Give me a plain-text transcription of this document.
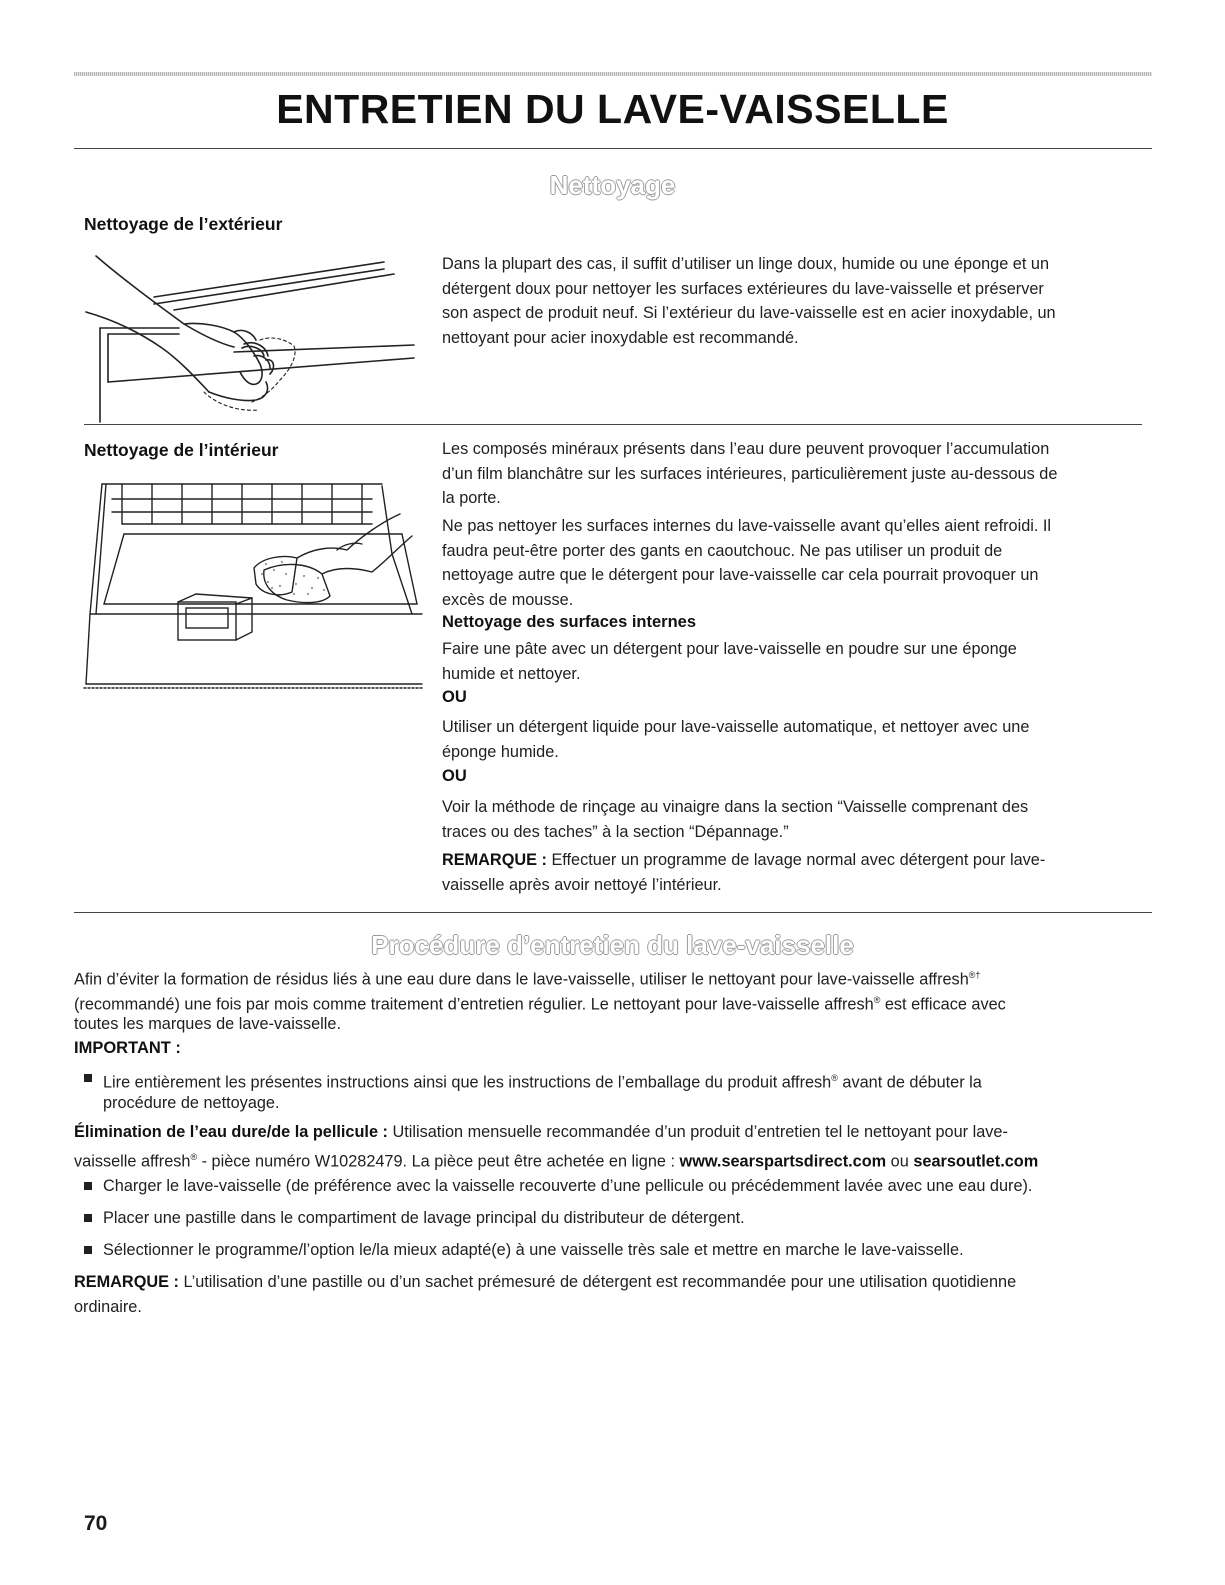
ENTRETIEN DU LAVE-VAISSELLE
Nettoyage
Nettoyage de l’extérieur

Dans la plupart des cas, il suffit d’utiliser un linge doux, humide ou une éponge et un

détergent doux pour nettoyer les surfaces extérieures du lave-vaisselle et préserver

son aspect de produit neuf. Si l’extérieur du lave-vaisselle est en acier inoxydable, un

nettoyant pour acier inoxydable est recommandé.

Nettoyage de l’intérieur	Les composés minéraux présents dans l’eau dure peuvent provoquer l’accumulation

d’un film blanchâtre sur les surfaces intérieures, particulièrement juste au-dessous de

la porte.

Ne pas nettoyer les surfaces internes du lave-vaisselle avant qu’elles aient refroidi. Il

faudra peut-être porter des gants en caoutchouc. Ne pas utiliser un produit de

nettoyage autre que le détergent pour lave-vaisselle car cela pourrait provoquer un

excès de mousse.

Nettoyage des surfaces internes

Faire une pâte avec un détergent pour lave-vaisselle en poudre sur une éponge

humide et nettoyer.

OU

Utiliser un détergent liquide pour lave-vaisselle automatique, et nettoyer avec une

éponge humide.

OU

Voir la méthode de rinçage au vinaigre dans la section “Vaisselle comprenant des

traces ou des taches” à la section “Dépannage.”

REMARQUE : Effectuer un programme de lavage normal avec détergent pour lave-

vaisselle après avoir nettoyé l’intérieur.

Procédure d’entretien du lave-vaisselle

Afin d’éviter la formation de résidus liés à une eau dure dans le lave-vaisselle, utiliser le nettoyant pour lave-vaisselle affresh®†

(recommandé) une fois par mois comme traitement d’entretien régulier. Le nettoyant pour lave-vaisselle affresh® est efficace avec

toutes les marques de lave-vaisselle.

IMPORTANT :
Lire entièrement les présentes instructions ainsi que les instructions de l’emballage du produit affresh® avant de débuter la
procédure de nettoyage.

Élimination de l’eau dure/de la pellicule : Utilisation mensuelle recommandée d’un produit d’entretien tel le nettoyant pour lave-

vaisselle affresh® - pièce numéro W10282479. La pièce peut être achetée en ligne : www.searspartsdirect.com ou searsoutlet.com

Charger le lave-vaisselle (de préférence avec la vaisselle recouverte d’une pellicule ou précédemment lavée avec une eau dure).
Placer une pastille dans le compartiment de lavage principal du distributeur de détergent.
Sélectionner le programme/l’option le/la mieux adapté(e) à une vaisselle très sale et mettre en marche le lave-vaisselle.

REMARQUE : L’utilisation d’une pastille ou d’un sachet prémesuré de détergent est recommandée pour une utilisation quotidienne

ordinaire.

70
